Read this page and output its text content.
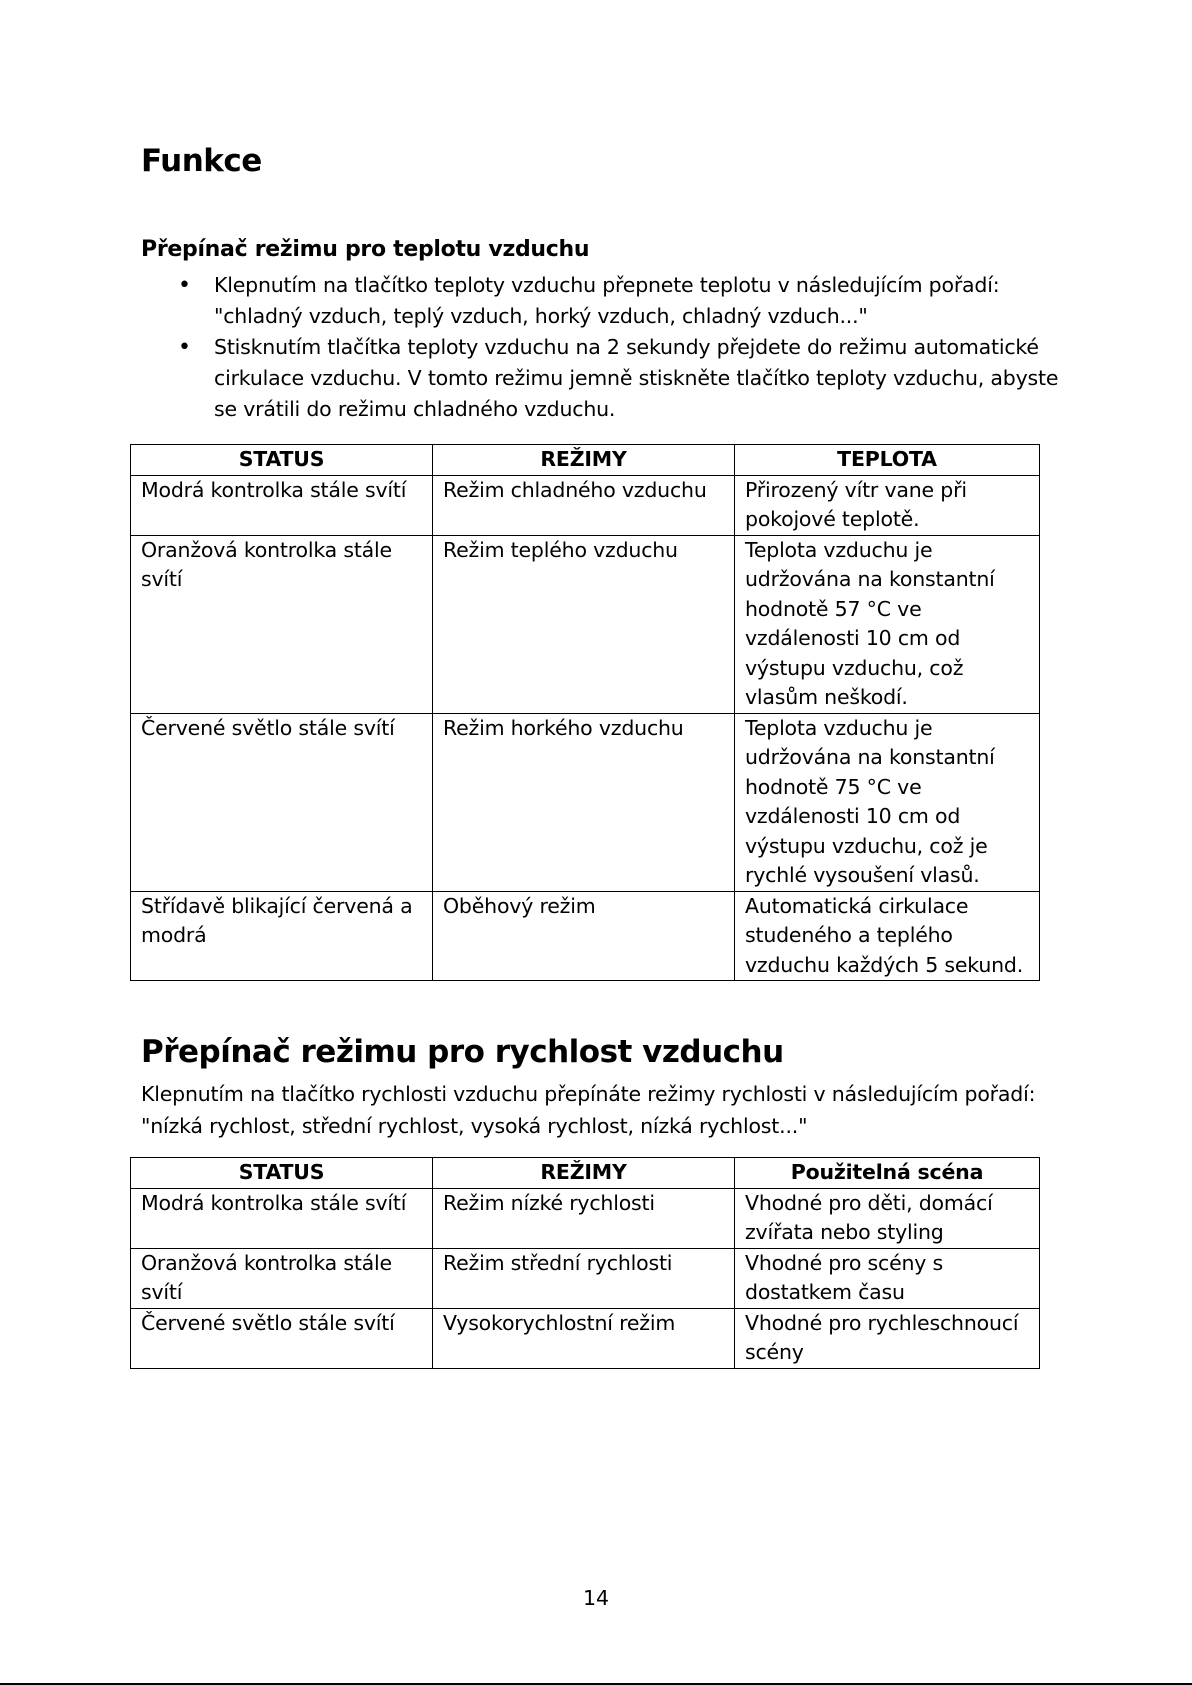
Funkce
Přepínač režimu pro teplotu vzduchu
• Klepnutím na tlačítko teploty vzduchu přepnete teplotu v následujícím pořadí: "chladný vzduch, teplý vzduch, horký vzduch, chladný vzduch..."
• Stisknutím tlačítka teploty vzduchu na 2 sekundy přejdete do režimu automatické cirkulace vzduchu. V tomto režimu jemně stiskněte tlačítko teploty vzduchu, abyste se vrátili do režimu chladného vzduchu.
STATUS	REŽIMY	TEPLOTA
Modrá kontrolka stále svítí	Režim chladného vzduchu	Přirozený vítr vane při pokojové teplotě.
Oranžová kontrolka stále svítí	Režim teplého vzduchu	Teplota vzduchu je udržována na konstantní hodnotě 57 °C ve vzdálenosti 10 cm od výstupu vzduchu, což vlasům neškodí.
Červené světlo stále svítí	Režim horkého vzduchu	Teplota vzduchu je udržována na konstantní hodnotě 75 °C ve vzdálenosti 10 cm od výstupu vzduchu, což je rychlé vysoušení vlasů.
Střídavě blikající červená a modrá	Oběhový režim	Automatická cirkulace studeného a teplého vzduchu každých 5 sekund.
Přepínač režimu pro rychlost vzduchu

Klepnutím na tlačítko rychlosti vzduchu přepínáte režimy rychlosti v následujícím pořadí: "nízká rychlost, střední rychlost, vysoká rychlost, nízká rychlost..."

STATUS	REŽIMY	Použitelná scéna
Modrá kontrolka stále svítí	Režim nízké rychlosti	Vhodné pro děti, domácí zvířata nebo styling
Oranžová kontrolka stále svítí	Režim střední rychlosti	Vhodné pro scény s dostatkem času
Červené světlo stále svítí	Vysokorychlostní režim	Vhodné pro rychleschnoucí scény
14
